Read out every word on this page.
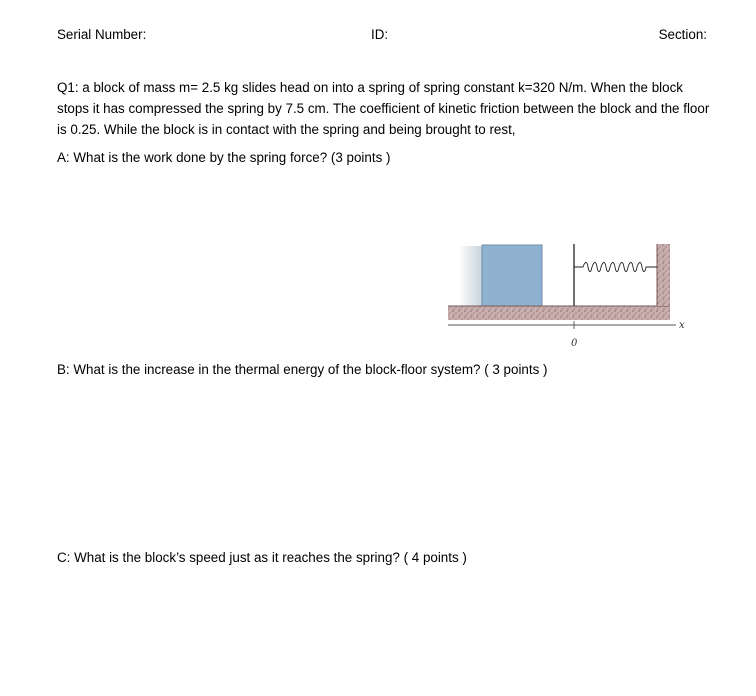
Serial Number:	ID:	Section:
Q1: a block of mass m= 2.5 kg slides head on into a spring of spring constant k=320 N/m. When the block stops it has compressed the spring by 7.5 cm. The coefficient of kinetic friction between the block and the floor is 0.25. While the block is in contact with the spring and being brought to rest,
A: What is the work done by the spring force? (3 points )
0
x
B: What is the increase in the thermal energy of the block-floor system? ( 3 points )
C: What is the block’s speed just as it reaches the spring? ( 4 points )
